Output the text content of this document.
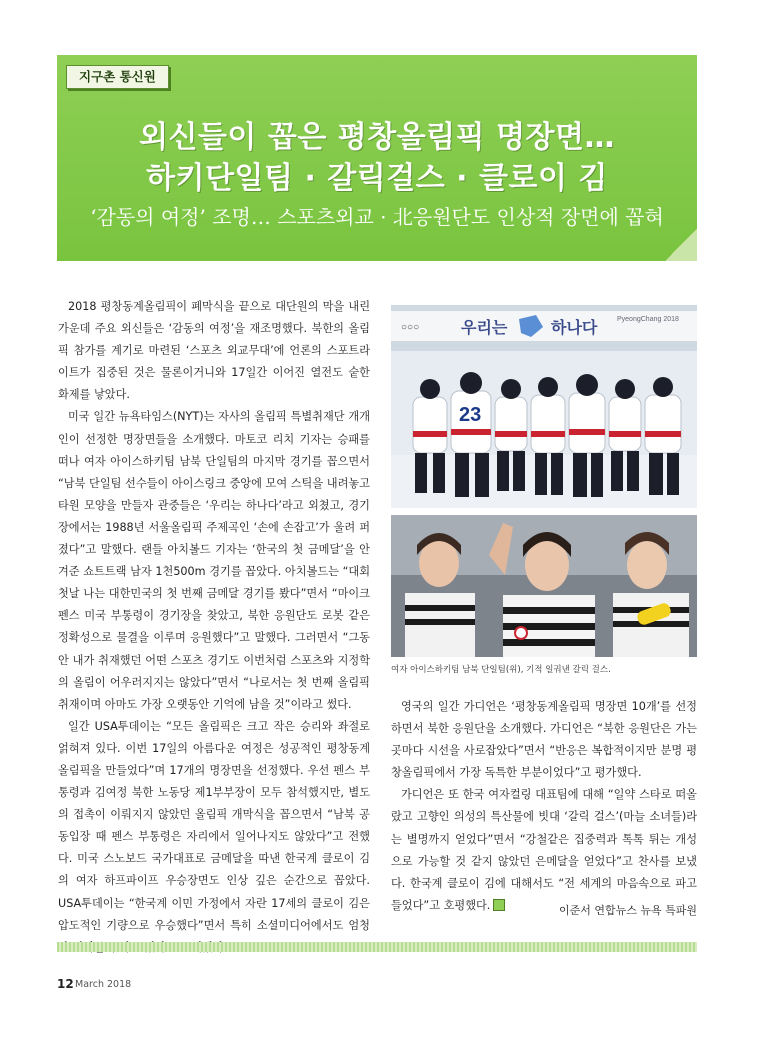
지구촌 통신원
외신들이 꼽은 평창올림픽 명장면…
하키단일팀 · 갈릭걸스 · 클로이 김
‘감동의 여정’ 조명… 스포츠외교 · 北응원단도 인상적 장면에 꼽혀

2018 평창동계올림픽이 폐막식을 끝으로 대단원의 막을 내린 가운데 주요 외신들은 ‘감동의 여정’을 재조명했다. 북한의 올림픽 참가를 계기로 마련된 ‘스포츠 외교무대’에 언론의 스포트라이트가 집중된 것은 물론이거니와 17일간 이어진 열전도 숱한 화제를 낳았다.

미국 일간 뉴욕타임스(NYT)는 자사의 올림픽 특별취재단 개개인이 선정한 명장면들을 소개했다. 마토코 리치 기자는 승패를 떠나 여자 아이스하키팀 남북 단일팀의 마지막 경기를 꼽으면서 “남북 단일팀 선수들이 아이스링크 중앙에 모여 스틱을 내려놓고 타원 모양을 만들자 관중들은 ‘우리는 하나다’라고 외쳤고, 경기장에서는 1988년 서울올림픽 주제곡인 ‘손에 손잡고’가 울려 퍼졌다”고 말했다. 랜들 아치볼드 기자는 ‘한국의 첫 금메달’을 안겨준 쇼트트랙 남자 1천500m 경기를 꼽았다. 아치볼드는 “대회 첫날 나는 대한민국의 첫 번째 금메달 경기를 봤다”면서 “마이크 펜스 미국 부통령이 경기장을 찾았고, 북한 응원단도 로봇 같은 정확성으로 물결을 이루며 응원했다”고 말했다. 그러면서 “그동안 내가 취재했던 어떤 스포츠 경기도 이번처럼 스포츠와 지정학의 올림이 어우러지지는 않았다”면서 “나로서는 첫 번째 올림픽 취재이며 아마도 가장 오랫동안 기억에 남을 것”이라고 썼다.

일간 USA투데이는 “모든 올림픽은 크고 작은 승리와 좌절로 얽혀져 있다. 이번 17일의 아름다운 여정은 성공적인 평창동계올림픽을 만들었다”며 17개의 명장면을 선정했다. 우선 펜스 부통령과 김여정 북한 노동당 제1부부장이 모두 참석했지만, 별도의 접촉이 이뤄지지 않았던 올림픽 개막식을 꼽으면서 “남북 공동입장 때 펜스 부통령은 자리에서 일어나지도 않았다”고 전했다. 미국 스노보드 국가대표로 금메달을 따낸 한국계 클로이 김의 여자 하프파이프 우승장면도 인상 깊은 순간으로 꼽았다. USA투데이는 “한국계 이민 가정에서 자란 17세의 클로이 김은 압도적인 기량으로 우승했다”면서 특히 소셜미디어에서도 엄청

○○○	우리는	하나다	PyeongChang 2018
23
여자 아이스하키팀 남북 단일팀(위), 기적 일궈낸 갈릭 걸스.

영국의 일간 가디언은 ‘평창동계올림픽 명장면 10개’를 선정하면서 북한 응원단을 소개했다. 가디언은 “북한 응원단은 가는 곳마다 시선을 사로잡았다”면서 “반응은 복합적이지만 분명 평창올림픽에서 가장 독특한 부분이었다”고 평가했다.

가디언은 또 한국 여자컬링 대표팀에 대해 “일약 스타로 떠올랐고 고향인 의성의 특산물에 빗대 ‘갈릭 걸스’(마늘 소녀들)라는 별명까지 얻었다”면서 “강철같은 집중력과 톡톡 튀는 개성으로 가능할 것 같지 않았던 은메달을 얻었다”고 찬사를 보냈다. 한국계 클로이 김에 대해서도 “전 세계의 마음속으로 파고들었다”고 호평했다.	이준서 연합뉴스 뉴욕 특파원
12 March 2018
